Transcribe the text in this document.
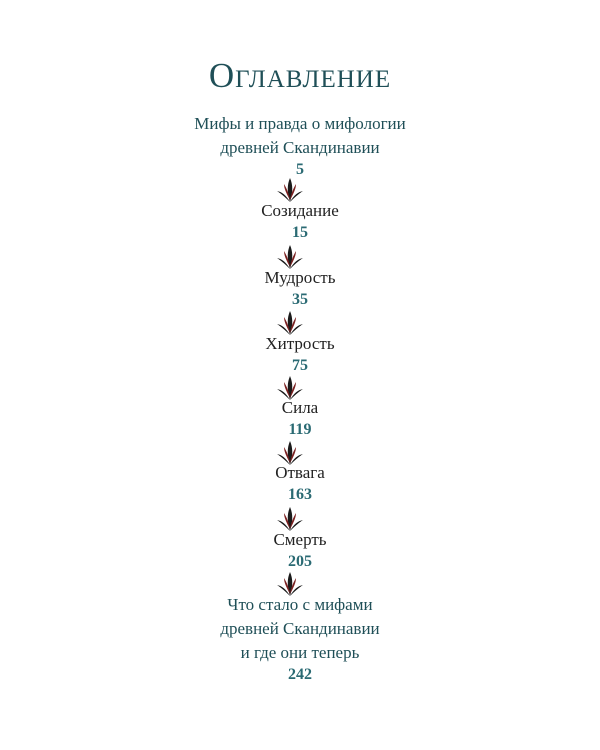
Оглавление
Мифы и правда о мифологии
древней Скандинавии
5
Созидание
15
Мудрость
35
Хитрость
75
Сила
119
Отвага
163
Смерть
205
Что стало с мифами
древней Скандинавии
и где они теперь
242
